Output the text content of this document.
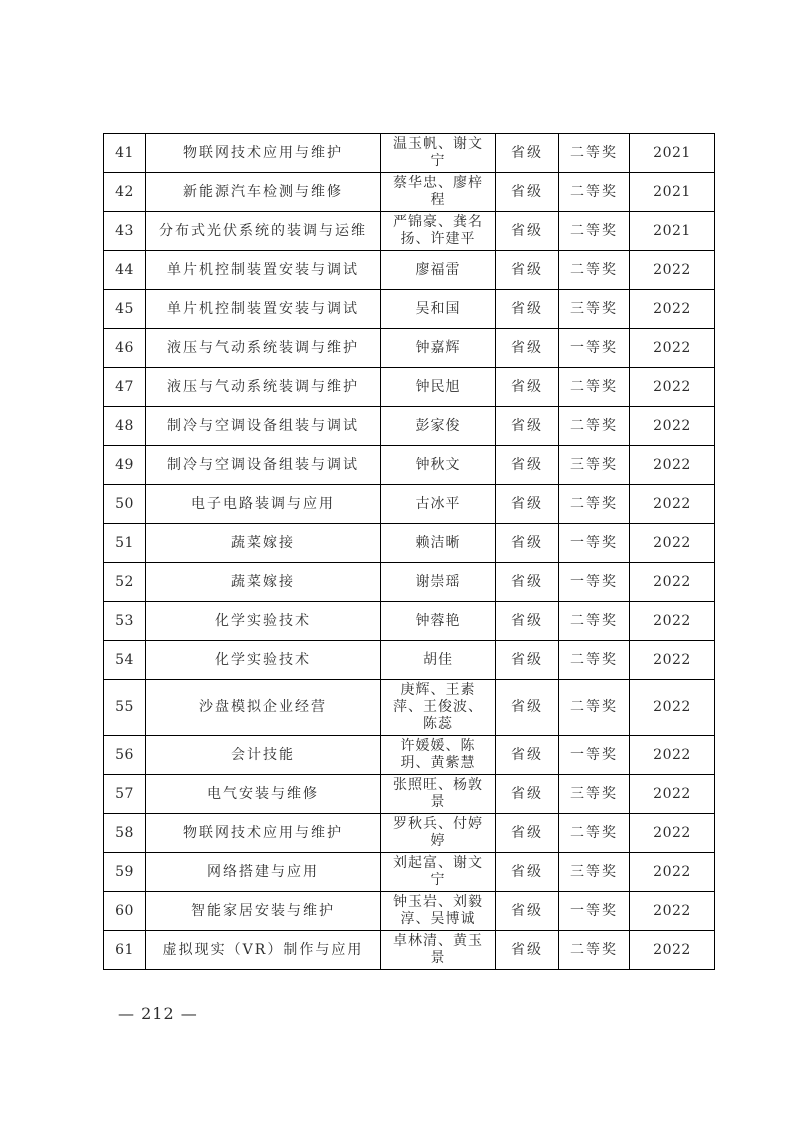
41	物联网技术应用与维护	温玉帆、谢文宁	省级	二等奖	2021
42	新能源汽车检测与维修	蔡华忠、廖梓程	省级	二等奖	2021
43	分布式光伏系统的装调与运维	严锦豪、龚名扬、许建平	省级	二等奖	2021
44	单片机控制装置安装与调试	廖福雷	省级	二等奖	2022
45	单片机控制装置安装与调试	吴和国	省级	三等奖	2022
46	液压与气动系统装调与维护	钟嘉辉	省级	一等奖	2022
47	液压与气动系统装调与维护	钟民旭	省级	二等奖	2022
48	制冷与空调设备组装与调试	彭家俊	省级	二等奖	2022
49	制冷与空调设备组装与调试	钟秋文	省级	三等奖	2022
50	电子电路装调与应用	古冰平	省级	二等奖	2022
51	蔬菜嫁接	赖洁晰	省级	一等奖	2022
52	蔬菜嫁接	谢崇瑶	省级	一等奖	2022
53	化学实验技术	钟蓉艳	省级	二等奖	2022
54	化学实验技术	胡佳	省级	二等奖	2022
55	沙盘模拟企业经营	庚辉、王素萍、王俊波、陈蕊	省级	二等奖	2022
56	会计技能	许媛媛、陈玥、黄紫慧	省级	一等奖	2022
57	电气安装与维修	张照旺、杨敦景	省级	三等奖	2022
58	物联网技术应用与维护	罗秋兵、付婷婷	省级	二等奖	2022
59	网络搭建与应用	刘起富、谢文宁	省级	三等奖	2022
60	智能家居安装与维护	钟玉岩、刘毅淳、吴博诚	省级	一等奖	2022
61	虚拟现实（VR）制作与应用	卓林清、黄玉景	省级	二等奖	2022
— 212 —
